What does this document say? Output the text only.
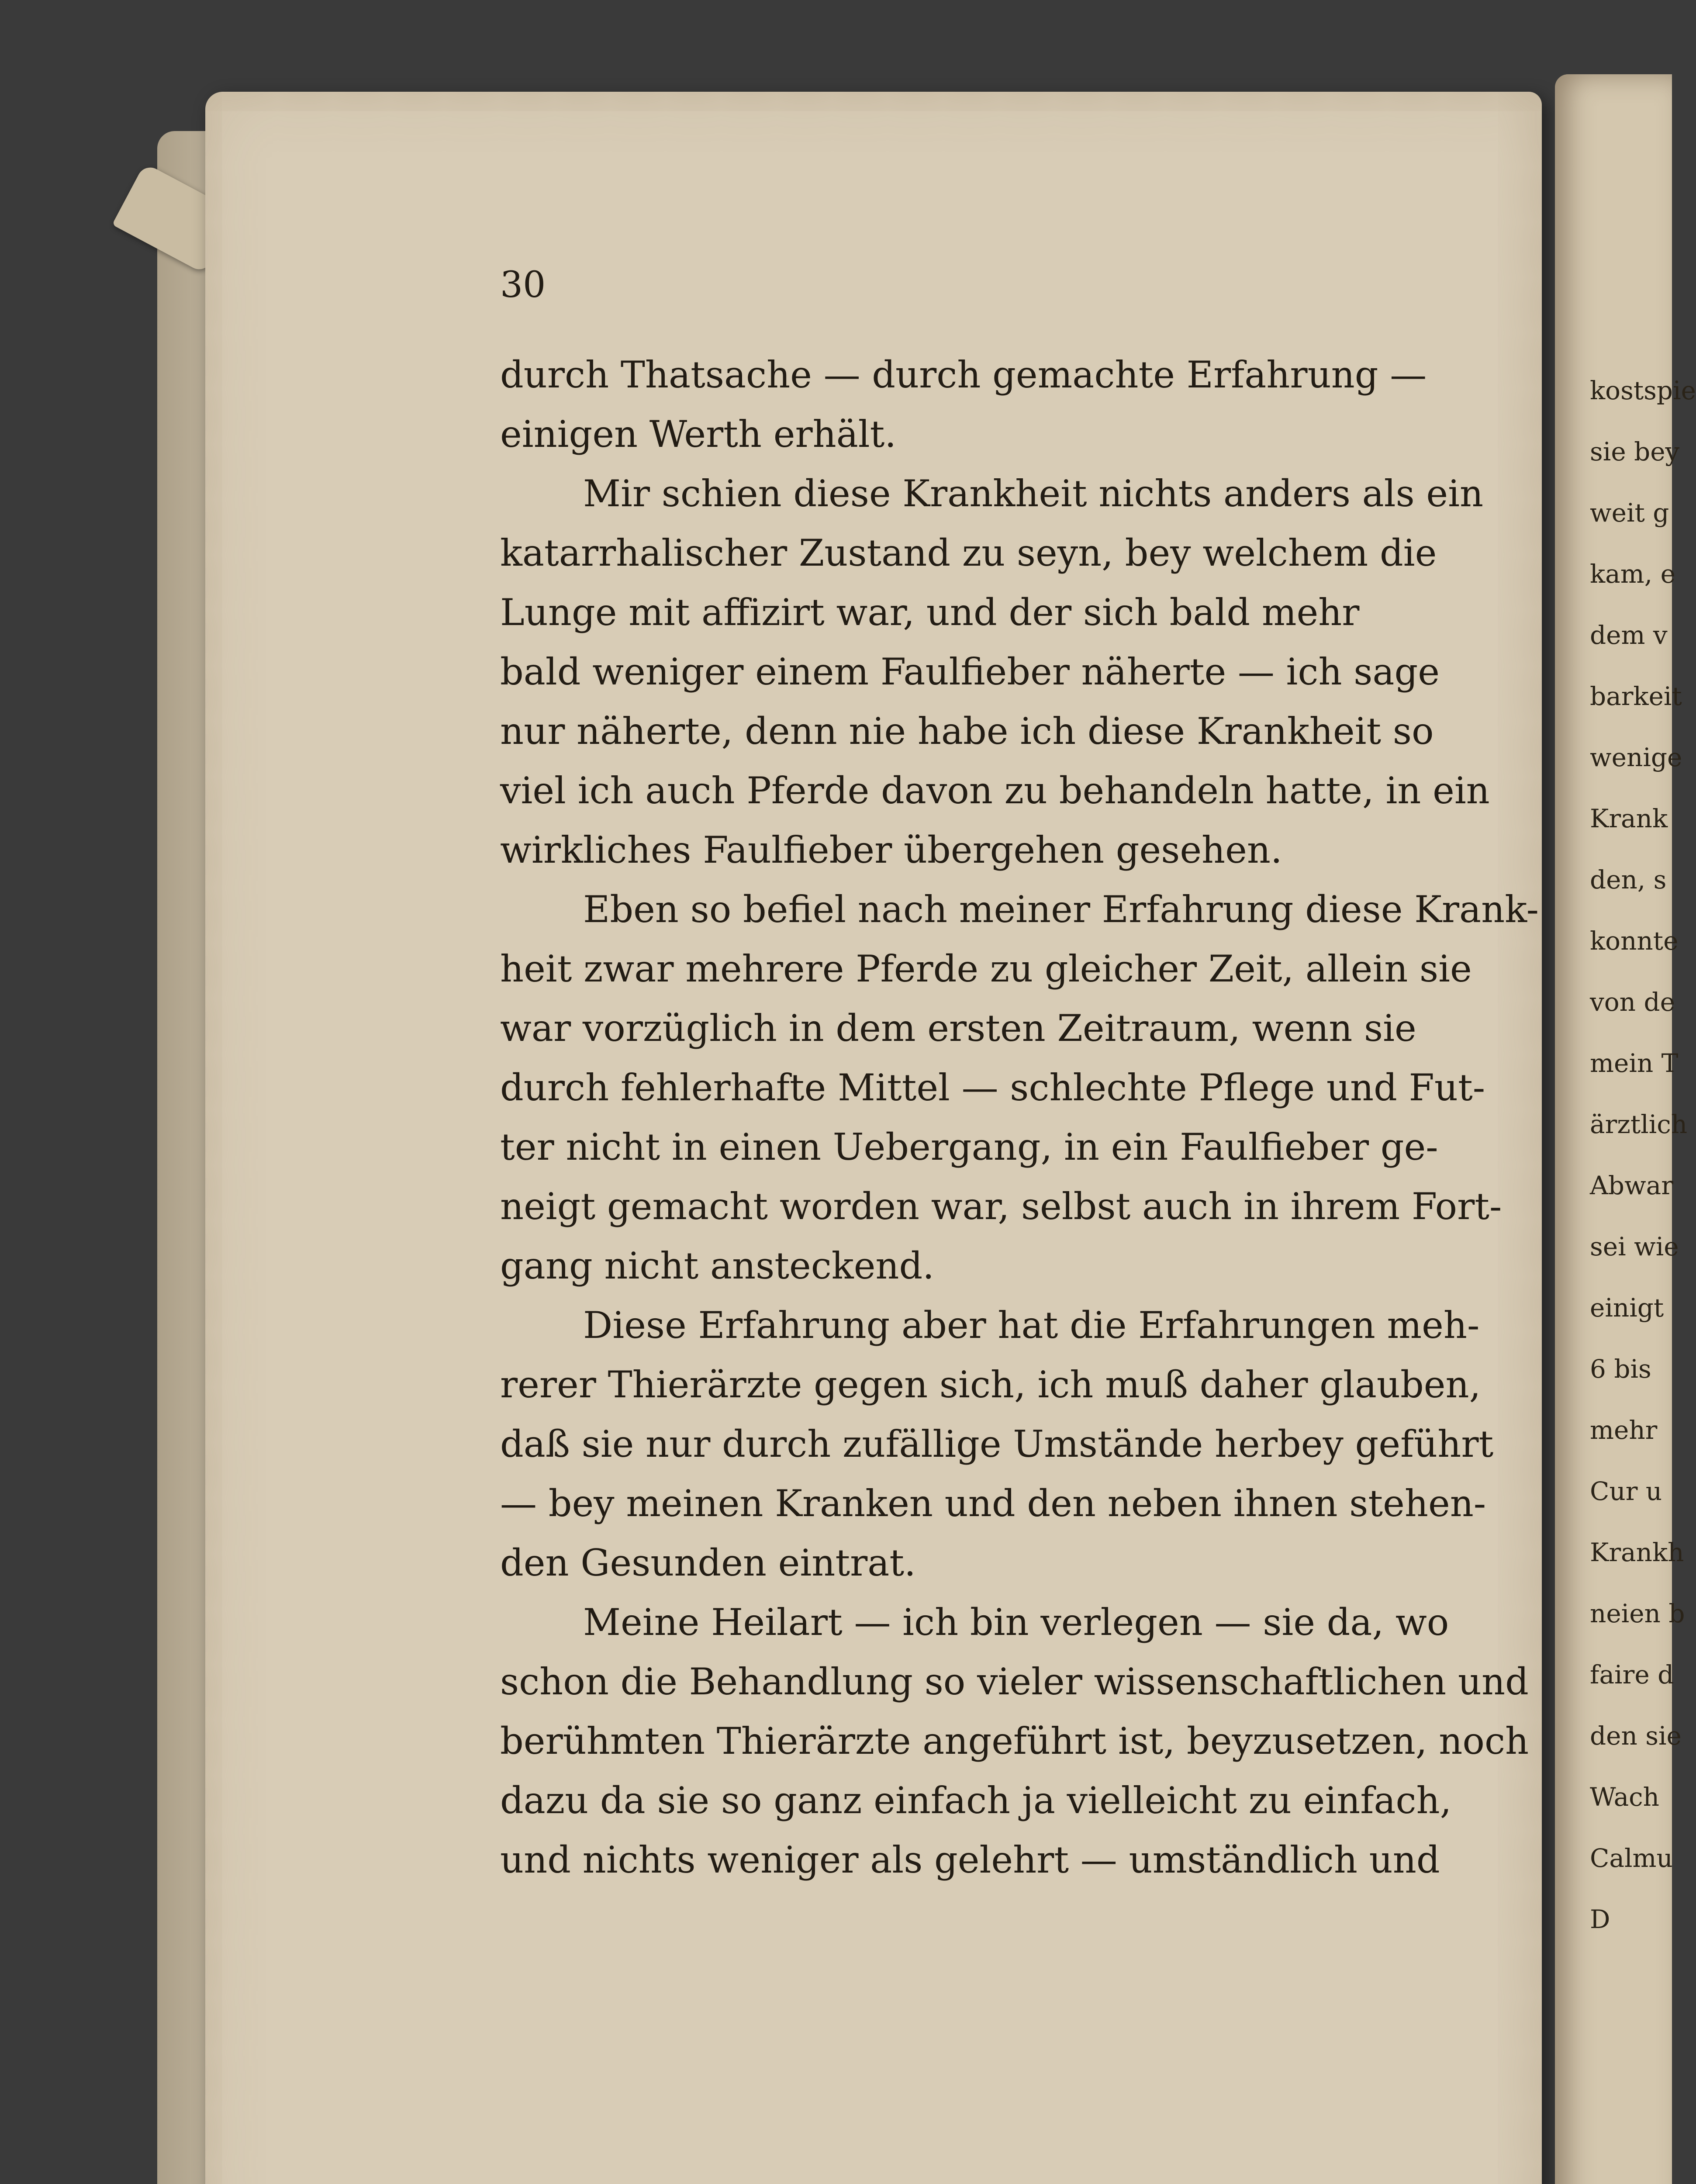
30
durch Thatsache — durch gemachte Erfahrung —
einigen Werth erhält.
Mir schien diese Krankheit nichts anders als ein
katarrhalischer Zustand zu seyn, bey welchem die
Lunge mit affizirt war, und der sich bald mehr
bald weniger einem Faulfieber näherte — ich sage
nur näherte, denn nie habe ich diese Krankheit so
viel ich auch Pferde davon zu behandeln hatte, in ein
wirkliches Faulfieber übergehen gesehen.
Eben so befiel nach meiner Erfahrung diese Krank-
heit zwar mehrere Pferde zu gleicher Zeit, allein sie
war vorzüglich in dem ersten Zeitraum, wenn sie
durch fehlerhafte Mittel — schlechte Pflege und Fut-
ter nicht in einen Uebergang, in ein Faulfieber ge-
neigt gemacht worden war, selbst auch in ihrem Fort-
gang nicht ansteckend.
Diese Erfahrung aber hat die Erfahrungen meh-
rerer Thierärzte gegen sich, ich muß daher glauben,
daß sie nur durch zufällige Umstände herbey geführt
— bey meinen Kranken und den neben ihnen stehen-
den Gesunden eintrat.
Meine Heilart — ich bin verlegen — sie da, wo
schon die Behandlung so vieler wissenschaftlichen und
berühmten Thierärzte angeführt ist, beyzusetzen, noch
dazu da sie so ganz einfach ja vielleicht zu einfach,
und nichts weniger als gelehrt — umständlich und
kostspie
sie bey
weit g
kam, e
dem v
barkeit
wenige
Krank
den, s
konnte
von de
mein T
ärztlich
Abwar
sei wie
einigt
6 bis
mehr
Cur u
Krankh
neien b
faire d
den sie
Wach
Calmu
D
